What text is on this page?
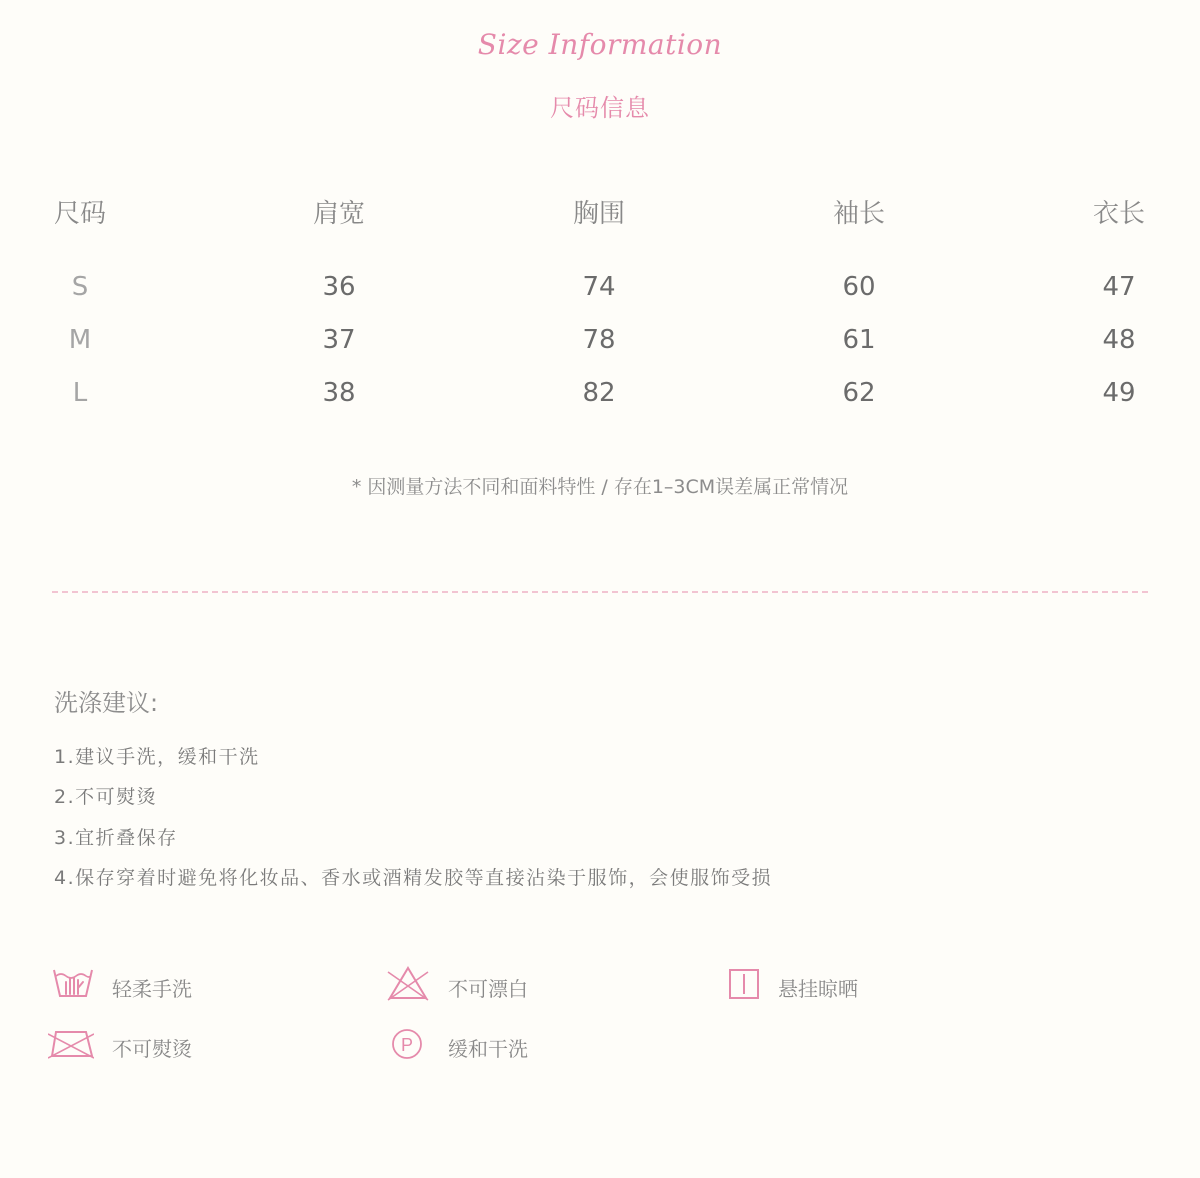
Size Information
尺码信息
尺码	肩宽	胸围	袖长	衣长
S	36	74	60	47
M	37	78	61	48
L	38	82	62	49
* 因测量方法不同和面料特性 / 存在1–3CM误差属正常情况
洗涤建议:
1.建议手洗，缓和干洗
2.不可熨烫
3.宜折叠保存
4.保存穿着时避免将化妆品、香水或酒精发胶等直接沾染于服饰，会使服饰受损
轻柔手洗	不可漂白	悬挂晾晒
不可熨烫	P 缓和干洗
